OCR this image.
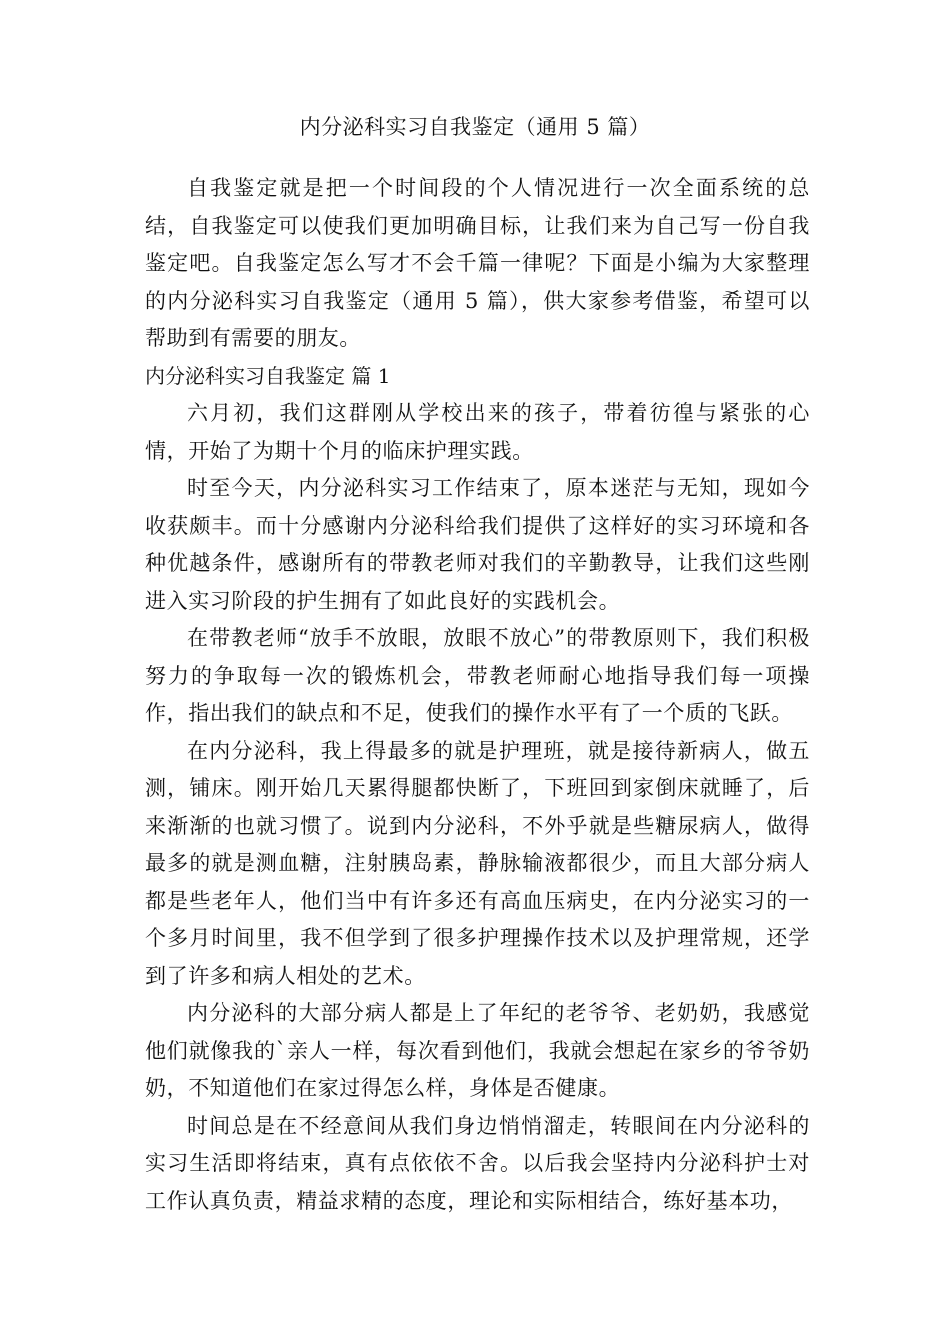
内分泌科实习自我鉴定（通用 5 篇）

自我鉴定就是把一个时间段的个人情况进行一次全面系统的总结，自我鉴定可以使我们更加明确目标，让我们来为自己写一份自我鉴定吧。自我鉴定怎么写才不会千篇一律呢？下面是小编为大家整理的内分泌科实习自我鉴定（通用 5 篇），供大家参考借鉴，希望可以帮助到有需要的朋友。

内分泌科实习自我鉴定 篇 1

六月初，我们这群刚从学校出来的孩子，带着彷徨与紧张的心情，开始了为期十个月的临床护理实践。

时至今天，内分泌科实习工作结束了，原本迷茫与无知，现如今收获颇丰。而十分感谢内分泌科给我们提供了这样好的实习环境和各种优越条件，感谢所有的带教老师对我们的辛勤教导，让我们这些刚进入实习阶段的护生拥有了如此良好的实践机会。

在带教老师“放手不放眼，放眼不放心”的带教原则下，我们积极努力的争取每一次的锻炼机会，带教老师耐心地指导我们每一项操作，指出我们的缺点和不足，使我们的操作水平有了一个质的飞跃。

在内分泌科，我上得最多的就是护理班，就是接待新病人，做五测，铺床。刚开始几天累得腿都快断了，下班回到家倒床就睡了，后来渐渐的也就习惯了。说到内分泌科，不外乎就是些糖尿病人，做得最多的就是测血糖，注射胰岛素，静脉输液都很少，而且大部分病人都是些老年人，他们当中有许多还有高血压病史，在内分泌实习的一个多月时间里，我不但学到了很多护理操作技术以及护理常规，还学到了许多和病人相处的艺术。

内分泌科的大部分病人都是上了年纪的老爷爷、老奶奶，我感觉他们就像我的`亲人一样，每次看到他们，我就会想起在家乡的爷爷奶奶，不知道他们在家过得怎么样，身体是否健康。

时间总是在不经意间从我们身边悄悄溜走，转眼间在内分泌科的实习生活即将结束，真有点依依不舍。以后我会坚持内分泌科护士对工作认真负责，精益求精的态度，理论和实际相结合，练好基本功，
